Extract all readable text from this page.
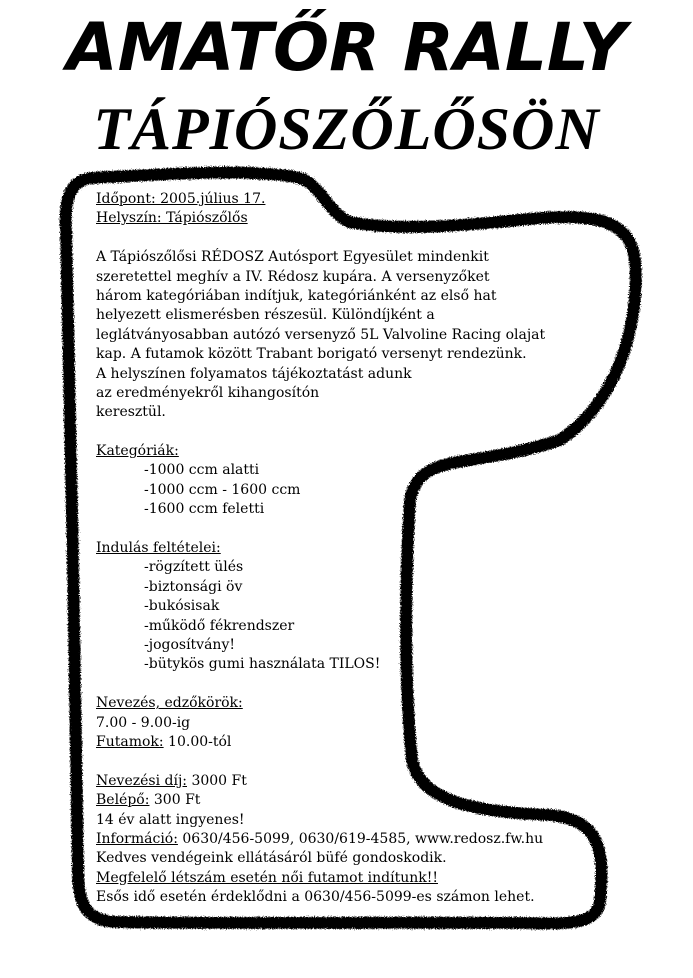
AMATŐR RALLY
TÁPIÓSZŐLŐSÖN
Időpont: 2005.július 17.
Helyszín: Tápiószőlős
A Tápiószőlősi RÉDOSZ Autósport Egyesület mindenkit
szeretettel meghív a IV. Rédosz kupára. A versenyzőket
három kategóriában indítjuk, kategóriánként az első hat
helyezett elismerésben részesül. Különdíjként a
leglátványosabban autózó versenyző 5L Valvoline Racing olajat
kap. A futamok között Trabant borigató versenyt rendezünk.
A helyszínen folyamatos tájékoztatást adunk
az eredményekről kihangosítón
keresztül.
Kategóriák:
-1000 ccm alatti
-1000 ccm - 1600 ccm
-1600 ccm feletti
Indulás feltételei:
-rögzített ülés
-biztonsági öv
-bukósisak
-működő fékrendszer
-jogosítvány!
-bütykös gumi használata TILOS!
Nevezés, edzőkörök:
7.00 - 9.00-ig
Futamok: 10.00-tól
Nevezési díj: 3000 Ft
Belépő: 300 Ft
14 év alatt ingyenes!
Információ: 0630/456-5099, 0630/619-4585, www.redosz.fw.hu
Kedves vendégeink ellátásáról büfé gondoskodik.
Megfelelő létszám esetén női futamot indítunk!!
Esős idő esetén érdeklődni a 0630/456-5099-es számon lehet.
